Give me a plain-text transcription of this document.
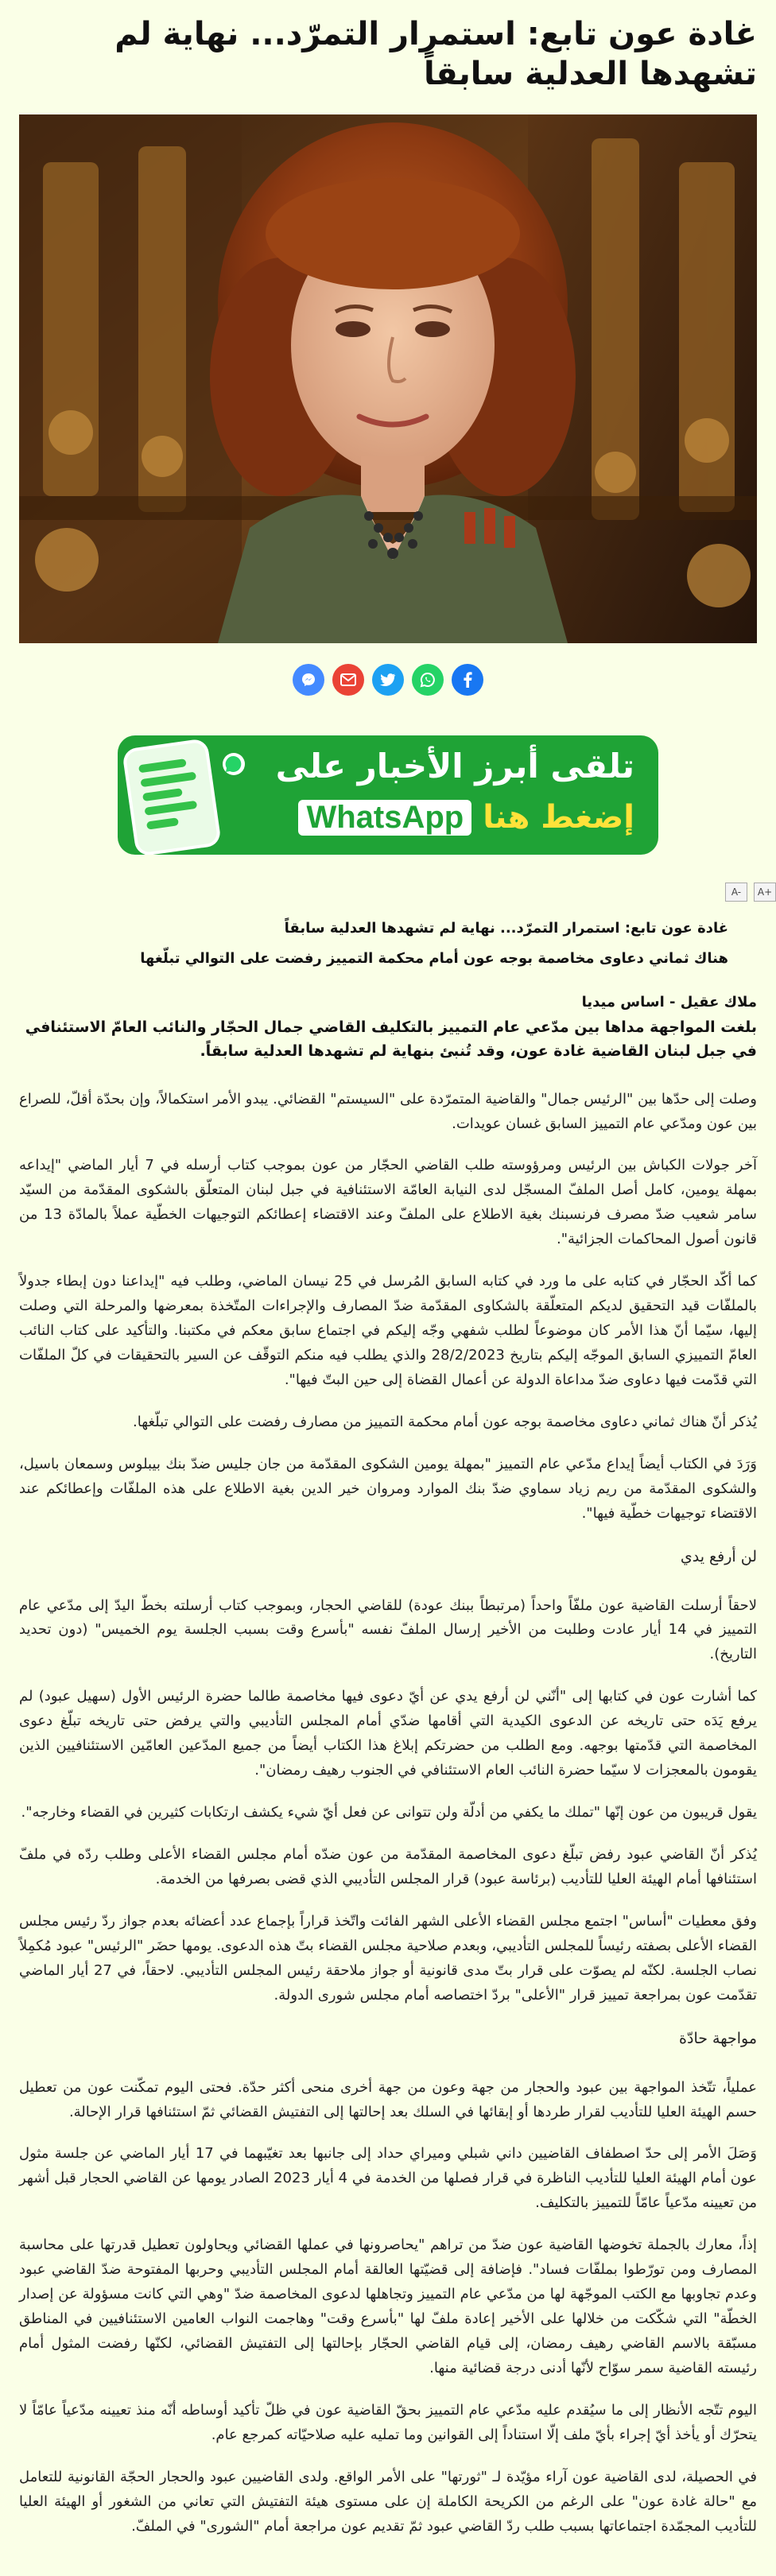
غادة عون تابع: استمرار التمرّد... نهاية لم تشهدها العدلية سابقاً
تلقى أبرز الأخبار على
WhatsApp إضغط هنا
A-	A+

غادة عون تابع: استمرار التمرّد... نهاية لم تشهدها العدلية سابقاً

هناك ثماني دعاوى مخاصمة بوجه عون أمام محكمة التمييز رفضت على التوالي تبلّغها

ملاك عقيل - اساس ميديا
بلغت المواجهة مداها بين مدّعي عام التمييز بالتكليف القاضي جمال الحجّار والنائب العامّ الاستئنافي في جبل لبنان القاضية غادة عون، وقد تُنبئ بنهاية لم تشهدها العدلية سابقاً.

وصلت إلى حدّها بين "الرئيس جمال" والقاضية المتمرّدة على "السيستم" القضائي. يبدو الأمر استكمالاً، وإن بحدّة أقلّ، للصراع بين عون ومدّعي عام التمييز السابق غسان عويدات.

آخر جولات الكباش بين الرئيس ومرؤوسته طلب القاضي الحجّار من عون بموجب كتاب أرسله في 7 أيار الماضي "إيداعه بمهلة يومين، كامل أصل الملفّ المسجّل لدى النيابة العامّة الاستئنافية في جبل لبنان المتعلّق بالشكوى المقدّمة من السيّد سامر شعيب ضدّ مصرف فرنسبنك بغية الاطلاع على الملفّ وعند الاقتضاء إعطائكم التوجيهات الخطّية عملاً بالمادّة 13 من قانون أصول المحاكمات الجزائية".

كما أكّد الحجّار في كتابه على ما ورد في كتابه السابق المُرسل في 25 نيسان الماضي، وطلب فيه "إيداعنا دون إبطاء جدولاً بالملفّات قيد التحقيق لديكم المتعلّقة بالشكاوى المقدّمة ضدّ المصارف والإجراءات المتّخذة بمعرضها والمرحلة التي وصلت إليها، سيّما أنّ هذا الأمر كان موضوعاً لطلب شفهي وجّه إليكم في اجتماع سابق معكم في مكتبنا. والتأكيد على كتاب النائب العامّ التمييزي السابق الموجّه إليكم بتاريخ 28/2/2023 والذي يطلب فيه منكم التوقّف عن السير بالتحقيقات في كلّ الملفّات التي قدّمت فيها دعاوى ضدّ مداعاة الدولة عن أعمال القضاة إلى حين البتّ فيها".

يُذكر أنّ هناك ثماني دعاوى مخاصمة بوجه عون أمام محكمة التمييز من مصارف رفضت على التوالي تبلّغها.

وَرَدَ في الكتاب أيضاً إيداع مدّعي عام التمييز "بمهلة يومين الشكوى المقدّمة من جان جليس ضدّ بنك بيبلوس وسمعان باسيل، والشكوى المقدّمة من ريم زياد سماوي ضدّ بنك الموارد ومروان خير الدين بغية الاطلاع على هذه الملفّات وإعطائكم عند الاقتضاء توجيهات خطّية فيها".

لن أرفع يدي

لاحقاً أرسلت القاضية عون ملفّاً واحداً (مرتبطاً ببنك عودة) للقاضي الحجار، وبموجب كتاب أرسلته بخطّ اليدّ إلى مدّعي عام التمييز في 14 أيار عادت وطلبت من الأخير إرسال الملفّ نفسه "بأسرع وقت بسبب الجلسة يوم الخميس" (دون تحديد التاريخ).

كما أشارت عون في كتابها إلى "أنّني لن أرفع يدي عن أيّ دعوى فيها مخاصمة طالما حضرة الرئيس الأول (سهيل عبود) لم يرفع يَدَه حتى تاريخه عن الدعوى الكيدية التي أقامها ضدّي أمام المجلس التأديبي والتي يرفض حتى تاريخه تبلّغ دعوى المخاصمة التي قدّمتها بوجهه. ومع الطلب من حضرتكم إبلاغ هذا الكتاب أيضاً من جميع المدّعين العامّين الاستئنافيين الذين يقومون بالمعجزات لا سيّما حضرة النائب العام الاستئنافي في الجنوب رهيف رمضان".

يقول قريبون من عون إنّها "تملك ما يكفي من أدلّة ولن تتوانى عن فعل أيّ شيء يكشف ارتكابات كثيرين في القضاء وخارجه".

يُذكر أنّ القاضي عبود رفض تبلّغ دعوى المخاصمة المقدّمة من عون ضدّه أمام مجلس القضاء الأعلى وطلب ردّه في ملفّ استئنافها أمام الهيئة العليا للتأديب (برئاسة عبود) قرار المجلس التأديبي الذي قضى بصرفها من الخدمة.

وفق معطيات "أساس" اجتمع مجلس القضاء الأعلى الشهر الفائت واتّخذ قراراً بإجماع عدد أعضائه بعدم جواز ردّ رئيس مجلس القضاء الأعلى بصفته رئيساً للمجلس التأديبي، وبعدم صلاحية مجلس القضاء بتّ هذه الدعوى. يومها حضَر "الرئيس" عبود مُكمِلاً نصاب الجلسة. لكنّه لم يصوّت على قرار بتّ مدى قانونية أو جواز ملاحقة رئيس المجلس التأديبي. لاحقاً، في 27 أيار الماضي تقدّمت عون بمراجعة تمييز قرار "الأعلى" بردّ اختصاصه أمام مجلس شورى الدولة.

مواجهة حادّة

عملياً، تتّخذ المواجهة بين عبود والحجار من جهة وعون من جهة أخرى منحى أكثر حدّة. فحتى اليوم تمكّنت عون من تعطيل حسم الهيئة العليا للتأديب لقرار طردها أو إبقائها في السلك بعد إحالتها إلى التفتيش القضائي ثمّ استئنافها قرار الإحالة.

وَصَلَ الأمر إلى حدّ اصطفاف القاضيين داني شبلي وميراي حداد إلى جانبها بعد تغيّبهما في 17 أيار الماضي عن جلسة مثول عون أمام الهيئة العليا للتأديب الناظرة في قرار فصلها من الخدمة في 4 أيار 2023 الصادر يومها عن القاضي الحجار قبل أشهر من تعيينه مدّعياً عامّاً للتمييز بالتكليف.

إذاً، معارك بالجملة تخوضها القاضية عون ضدّ من تراهم "يحاصرونها في عملها القضائي ويحاولون تعطيل قدرتها على محاسبة المصارف ومن تورّطوا بملفّات فساد". فإضافة إلى قضيّتها العالقة أمام المجلس التأديبي وحربها المفتوحة ضدّ القاضي عبود وعدم تجاوبها مع الكتب الموجّهة لها من مدّعي عام التمييز وتجاهلها لدعوى المخاصمة ضدّ "وهي التي كانت مسؤولة عن إصدار الخطّة" التي شكّكت من خلالها على الأخير إعادة ملفّ لها "بأسرع وقت" وهاجمت النواب العامين الاستئنافيين في المناطق مسبّقة بالاسم القاضي رهيف رمضان، إلى قيام القاضي الحجّار بإحالتها إلى التفتيش القضائي، لكنّها رفضت المثول أمام رئيسته القاضية سمر سوّاح لأنّها أدنى درجة قضائية منها.

اليوم تتّجه الأنظار إلى ما سيُقدم عليه مدّعي عام التمييز بحقّ القاضية عون في ظلّ تأكيد أوساطه أنّه منذ تعيينه مدّعياً عامّاً لا يتحرّك أو يأخذ أيّ إجراء بأيّ ملف إلّا استناداً إلى القوانين وما تمليه عليه صلاحيّاته كمرجع عام.

في الحصيلة، لدى القاضية عون آراء مؤيّدة لـ "ثورتها" على الأمر الواقع. ولدى القاضيين عبود والحجار الحجّة القانونية للتعامل مع "حالة غادة عون" على الرغم من الكريحة الكاملة إن على مستوى هيئة التفتيش التي تعاني من الشغور أو الهيئة العليا للتأديب المجمّدة اجتماعاتها بسبب طلب ردّ القاضي عبود ثمّ تقديم عون مراجعة أمام "الشورى" في الملفّ.
